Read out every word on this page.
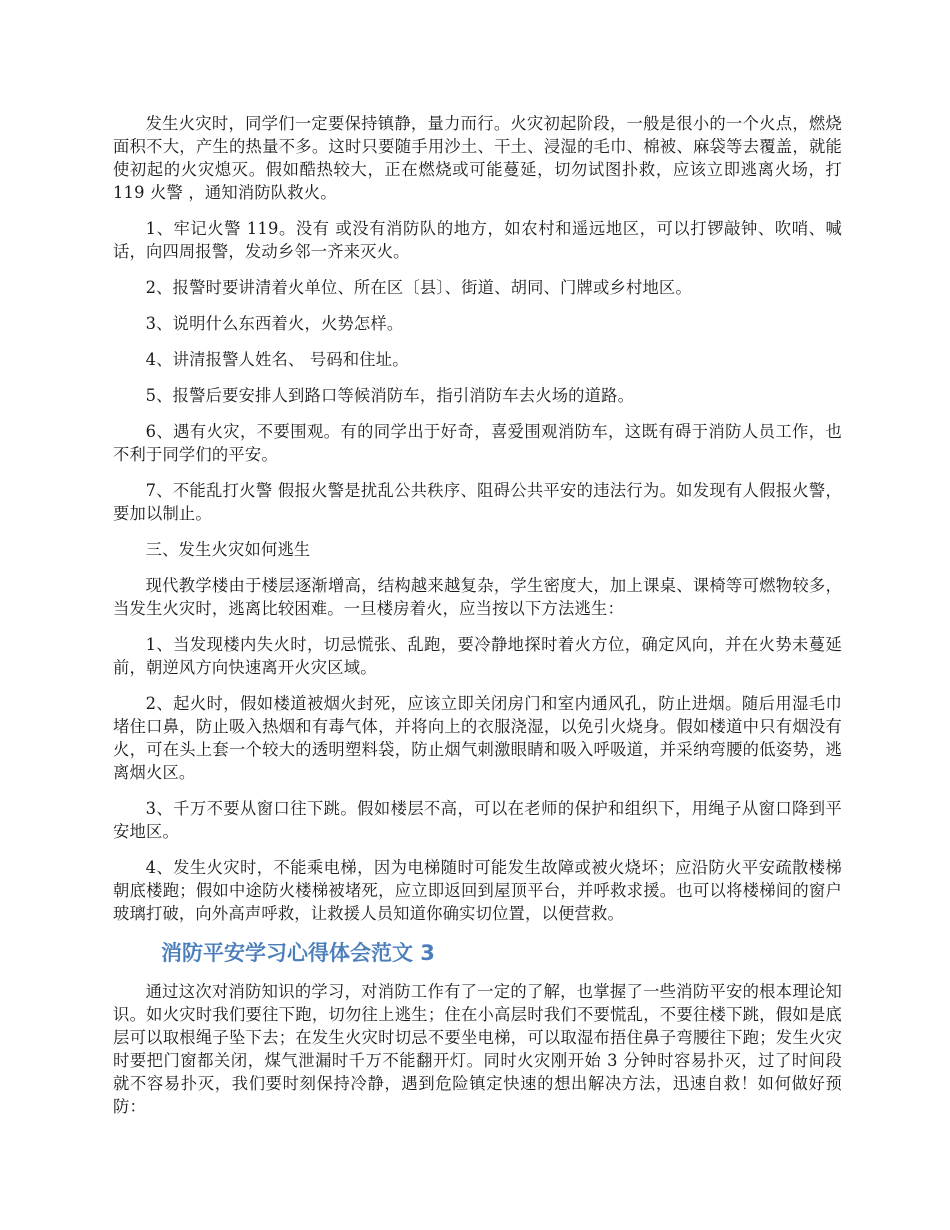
发生火灾时，同学们一定要保持镇静，量力而行。火灾初起阶段，一般是很小的一个火点，燃烧面积不大，产生的热量不多。这时只要随手用沙土、干土、浸湿的毛巾、棉被、麻袋等去覆盖，就能使初起的火灾熄灭。假如酷热较大，正在燃烧或可能蔓延，切勿试图扑救，应该立即逃离火场，打 119 火警 ，通知消防队救火。

1、牢记火警 119。没有 或没有消防队的地方，如农村和遥远地区，可以打锣敲钟、吹哨、喊话，向四周报警，发动乡邻一齐来灭火。

2、报警时要讲清着火单位、所在区〔县〕、街道、胡同、门牌或乡村地区。

3、说明什么东西着火，火势怎样。

4、讲清报警人姓名、 号码和住址。

5、报警后要安排人到路口等候消防车，指引消防车去火场的道路。

6、遇有火灾，不要围观。有的同学出于好奇，喜爱围观消防车，这既有碍于消防人员工作，也不利于同学们的平安。

7、不能乱打火警 假报火警是扰乱公共秩序、阻碍公共平安的违法行为。如发现有人假报火警，要加以制止。

三、发生火灾如何逃生

现代教学楼由于楼层逐渐增高，结构越来越复杂，学生密度大，加上课桌、课椅等可燃物较多，当发生火灾时，逃离比较困难。一旦楼房着火，应当按以下方法逃生：

1、当发现楼内失火时，切忌慌张、乱跑，要冷静地探时着火方位，确定风向，并在火势未蔓延前，朝逆风方向快速离开火灾区域。

2、起火时，假如楼道被烟火封死，应该立即关闭房门和室内通风孔，防止进烟。随后用湿毛巾堵住口鼻，防止吸入热烟和有毒气体，并将向上的衣服浇湿，以免引火烧身。假如楼道中只有烟没有火，可在头上套一个较大的透明塑料袋，防止烟气刺激眼睛和吸入呼吸道，并采纳弯腰的低姿势，逃离烟火区。

3、千万不要从窗口往下跳。假如楼层不高，可以在老师的保护和组织下，用绳子从窗口降到平安地区。

4、发生火灾时，不能乘电梯，因为电梯随时可能发生故障或被火烧坏；应沿防火平安疏散楼梯朝底楼跑；假如中途防火楼梯被堵死，应立即返回到屋顶平台，并呼救求援。也可以将楼梯间的窗户玻璃打破，向外高声呼救，让救援人员知道你确实切位置，以便营救。

消防平安学习心得体会范文 3

通过这次对消防知识的学习，对消防工作有了一定的了解，也掌握了一些消防平安的根本理论知识。如火灾时我们要往下跑，切勿往上逃生；住在小高层时我们不要慌乱，不要往楼下跳，假如是底层可以取根绳子坠下去；在发生火灾时切忌不要坐电梯，可以取湿布捂住鼻子弯腰往下跑；发生火灾时要把门窗都关闭，煤气泄漏时千万不能翻开灯。同时火灾刚开始 3 分钟时容易扑灭，过了时间段就不容易扑灭，我们要时刻保持冷静，遇到危险镇定快速的想出解决方法，迅速自救！如何做好预防：
